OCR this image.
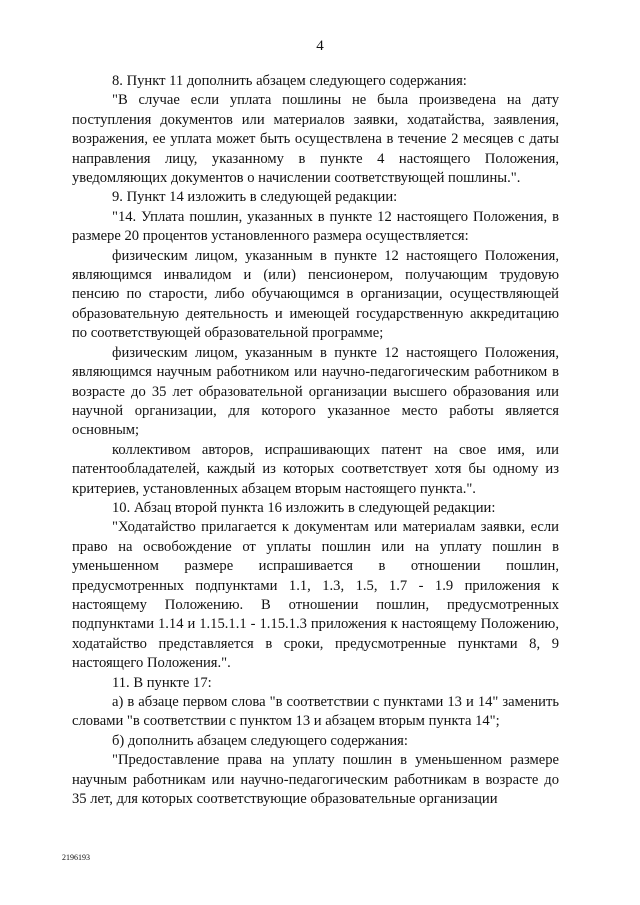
4

8. Пункт 11 дополнить абзацем следующего содержания:

"В случае если уплата пошлины не была произведена на дату поступления документов или материалов заявки, ходатайства, заявления, возражения, ее уплата может быть осуществлена в течение 2 месяцев с даты направления лицу, указанному в пункте 4 настоящего Положения, уведомляющих документов о начислении соответствующей пошлины.".

9. Пункт 14 изложить в следующей редакции:

"14. Уплата пошлин, указанных в пункте 12 настоящего Положения, в размере 20 процентов установленного размера осуществляется:

физическим лицом, указанным в пункте 12 настоящего Положения, являющимся инвалидом и (или) пенсионером, получающим трудовую пенсию по старости, либо обучающимся в организации, осуществляющей образовательную деятельность и имеющей государственную аккредитацию по соответствующей образовательной программе;

физическим лицом, указанным в пункте 12 настоящего Положения, являющимся научным работником или научно-педагогическим работником в возрасте до 35 лет образовательной организации высшего образования или научной организации, для которого указанное место работы является основным;

коллективом авторов, испрашивающих патент на свое имя, или патентообладателей, каждый из которых соответствует хотя бы одному из критериев, установленных абзацем вторым настоящего пункта.".

10. Абзац второй пункта 16 изложить в следующей редакции:

"Ходатайство прилагается к документам или материалам заявки, если право на освобождение от уплаты пошлин или на уплату пошлин в уменьшенном размере испрашивается в отношении пошлин, предусмотренных подпунктами 1.1, 1.3, 1.5, 1.7 - 1.9 приложения к настоящему Положению. В отношении пошлин, предусмотренных подпунктами 1.14 и 1.15.1.1 - 1.15.1.3 приложения к настоящему Положению, ходатайство представляется в сроки, предусмотренные пунктами 8, 9 настоящего Положения.".

11. В пункте 17:

а) в абзаце первом слова "в соответствии с пунктами 13 и 14" заменить словами "в соответствии с пунктом 13 и абзацем вторым пункта 14";

б) дополнить абзацем следующего содержания:

"Предоставление права на уплату пошлин в уменьшенном размере научным работникам или научно-педагогическим работникам в возрасте до 35 лет, для которых соответствующие образовательные организации

2196193
